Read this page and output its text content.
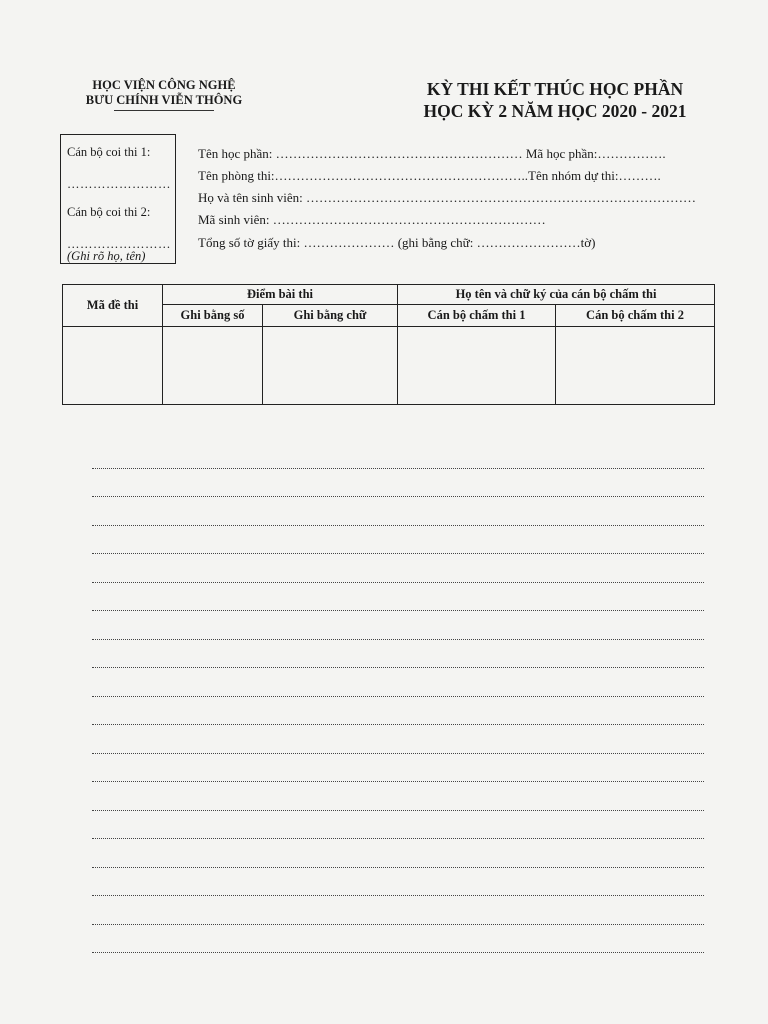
HỌC VIỆN CÔNG NGHỆ
BƯU CHÍNH VIỄN THÔNG
KỲ THI KẾT THÚC HỌC PHẦN
HỌC KỲ 2 NĂM HỌC 2020 - 2021
Cán bộ coi thi 1:
……………………
Cán bộ coi thi 2:
……………………
(Ghi rõ họ, tên)
Tên học phần: ………………………………………………… Mã học phần:…………….
Tên phòng thi:…………………………………………………..Tên nhóm dự thi:……….
Họ và tên sinh viên: ………………………………………………………………………………
Mã sinh viên: ………………………………………………………
Tổng số tờ giấy thi: ………………… (ghi bằng chữ: ……………………tờ)
Mã đề thi	Điểm bài thi		Họ tên và chữ ký của cán bộ chấm thi	
	Ghi bằng số	Ghi bằng chữ	Cán bộ chấm thi 1	Cán bộ chấm thi 2
